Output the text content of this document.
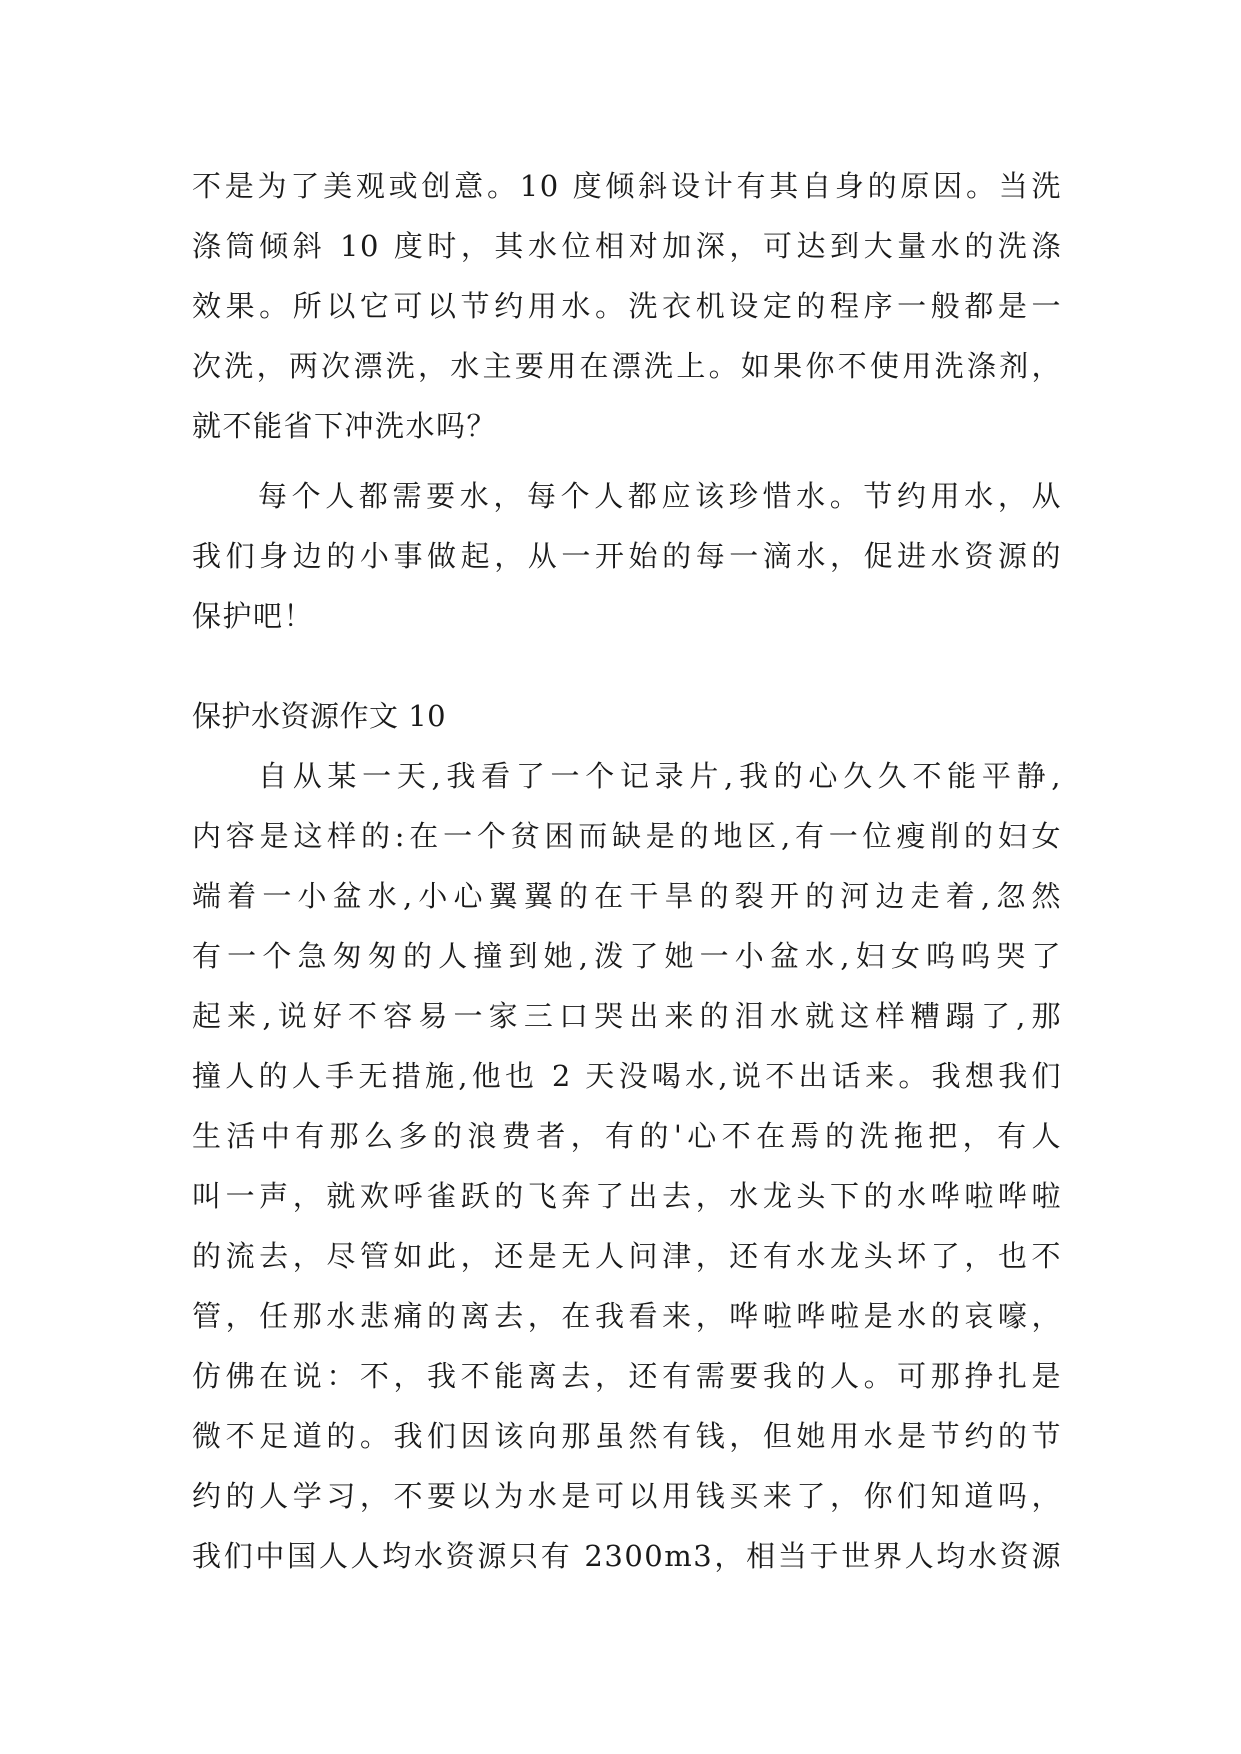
不是为了美观或创意。10 度倾斜设计有其自身的原因。当洗
涤筒倾斜 10 度时，其水位相对加深，可达到大量水的洗涤
效果。所以它可以节约用水。洗衣机设定的程序一般都是一
次洗，两次漂洗，水主要用在漂洗上。如果你不使用洗涤剂，
就不能省下冲洗水吗？
每个人都需要水，每个人都应该珍惜水。节约用水，从
我们身边的小事做起，从一开始的每一滴水，促进水资源的
保护吧！
保护水资源作文 10
自从某一天,我看了一个记录片,我的心久久不能平静,
内容是这样的:在一个贫困而缺是的地区,有一位瘦削的妇女
端着一小盆水,小心翼翼的在干旱的裂开的河边走着,忽然
有一个急匆匆的人撞到她,泼了她一小盆水,妇女呜呜哭了
起来,说好不容易一家三口哭出来的泪水就这样糟蹋了,那
撞人的人手无措施,他也 2 天没喝水,说不出话来。我想我们
生活中有那么多的浪费者，有的'心不在焉的洗拖把，有人
叫一声，就欢呼雀跃的飞奔了出去，水龙头下的水哗啦哗啦
的流去，尽管如此，还是无人问津，还有水龙头坏了，也不
管，任那水悲痛的离去，在我看来，哗啦哗啦是水的哀嚎，
仿佛在说：不，我不能离去，还有需要我的人。可那挣扎是
微不足道的。我们因该向那虽然有钱，但她用水是节约的节
约的人学习，不要以为水是可以用钱买来了，你们知道吗，
我们中国人人均水资源只有 2300m3，相当于世界人均水资源
